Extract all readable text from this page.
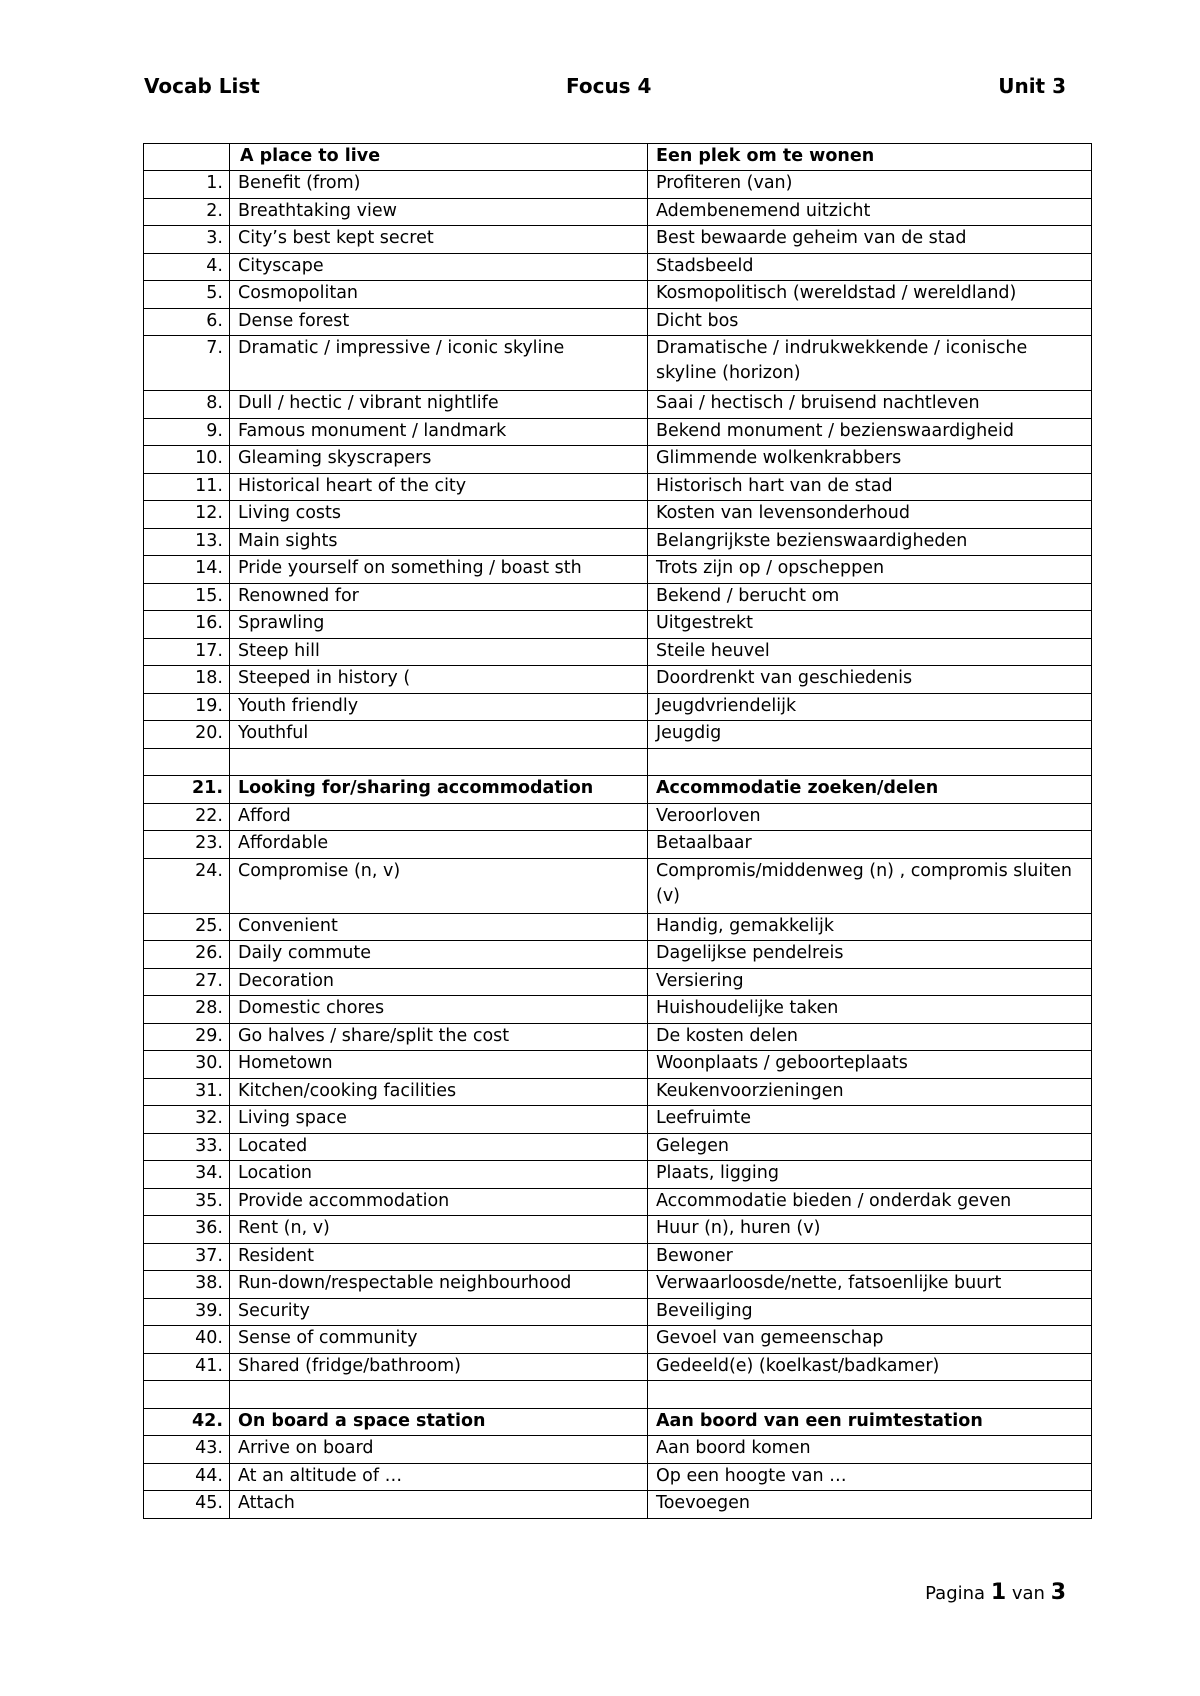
Vocab List	Focus 4	Unit 3
	A place to live	Een plek om te wonen
1.	Benefit (from)	Profiteren (van)
2.	Breathtaking view	Adembenemend uitzicht
3.	City’s best kept secret	Best bewaarde geheim van de stad
4.	Cityscape	Stadsbeeld
5.	Cosmopolitan	Kosmopolitisch (wereldstad / wereldland)
6.	Dense forest	Dicht bos
7.	Dramatic / impressive / iconic skyline	Dramatische / indrukwekkende / iconische skyline (horizon)
8.	Dull / hectic / vibrant nightlife	Saai / hectisch / bruisend nachtleven
9.	Famous monument / landmark	Bekend monument / bezienswaardigheid
10.	Gleaming skyscrapers	Glimmende wolkenkrabbers
11.	Historical heart of the city	Historisch hart van de stad
12.	Living costs	Kosten van levensonderhoud
13.	Main sights	Belangrijkste bezienswaardigheden
14.	Pride yourself on something / boast sth	Trots zijn op / opscheppen
15.	Renowned for	Bekend / berucht om
16.	Sprawling	Uitgestrekt
17.	Steep hill	Steile heuvel
18.	Steeped in history (	Doordrenkt van geschiedenis
19.	Youth friendly	Jeugdvriendelijk
20.	Youthful	Jeugdig

21.	Looking for/sharing accommodation	Accommodatie zoeken/delen
22.	Afford	Veroorloven
23.	Affordable	Betaalbaar
24.	Compromise (n, v)	Compromis/middenweg (n) , compromis sluiten (v)
25.	Convenient	Handig, gemakkelijk
26.	Daily commute	Dagelijkse pendelreis
27.	Decoration	Versiering
28.	Domestic chores	Huishoudelijke taken
29.	Go halves / share/split the cost	De kosten delen
30.	Hometown	Woonplaats / geboorteplaats
31.	Kitchen/cooking facilities	Keukenvoorzieningen
32.	Living space	Leefruimte
33.	Located	Gelegen
34.	Location	Plaats, ligging
35.	Provide accommodation	Accommodatie bieden / onderdak geven
36.	Rent (n, v)	Huur (n), huren (v)
37.	Resident	Bewoner
38.	Run-down/respectable neighbourhood	Verwaarloosde/nette, fatsoenlijke buurt
39.	Security	Beveiliging
40.	Sense of community	Gevoel van gemeenschap
41.	Shared (fridge/bathroom)	Gedeeld(e) (koelkast/badkamer)

42.	On board a space station	Aan boord van een ruimtestation
43.	Arrive on board	Aan boord komen
44.	At an altitude of …	Op een hoogte van …
45.	Attach	Toevoegen
Pagina 1 van 3
